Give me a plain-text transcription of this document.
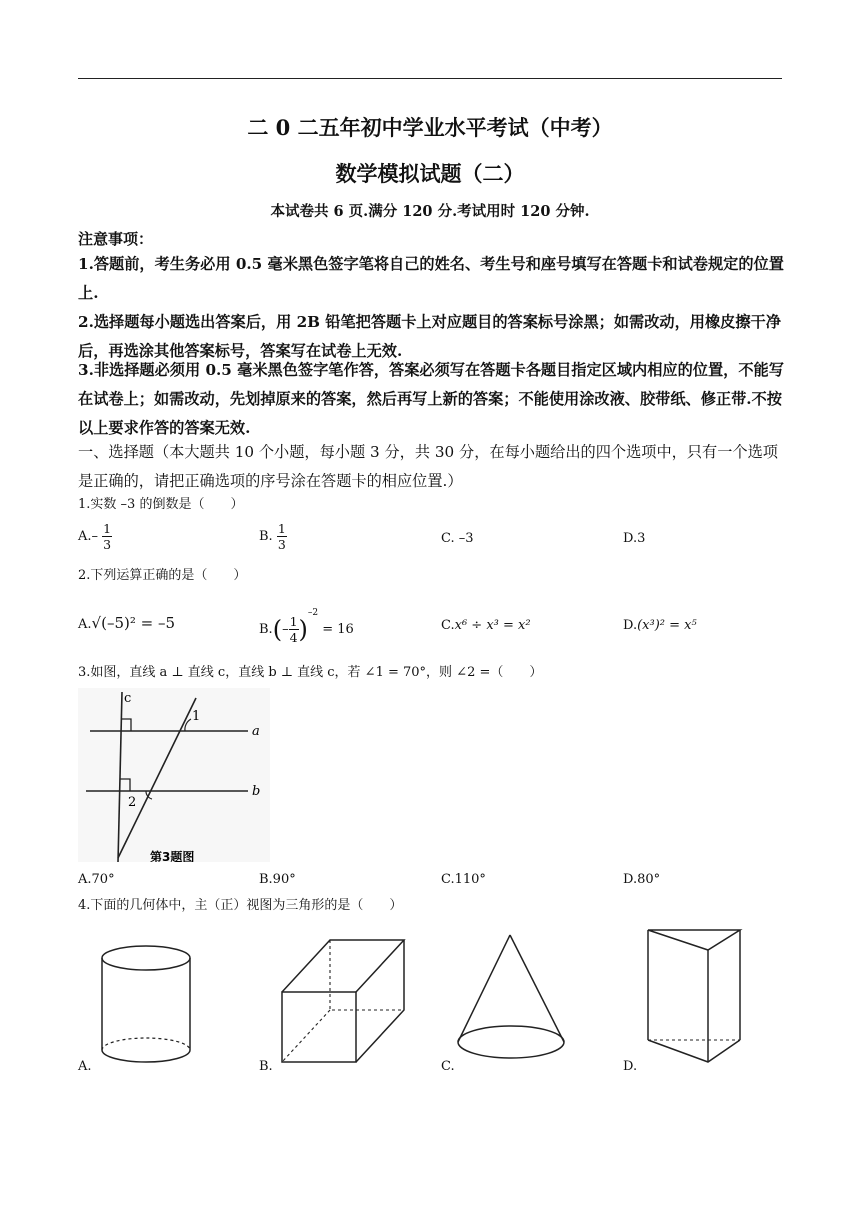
二 0 二五年初中学业水平考试（中考）
数学模拟试题（二）
本试卷共 6 页.满分 120 分.考试用时 120 分钟.
注意事项：
1.答题前，考生务必用 0.5 毫米黑色签字笔将自己的姓名、考生号和座号填写在答题卡和试卷规定的位置上.
2.选择题每小题选出答案后，用 2B 铅笔把答题卡上对应题目的答案标号涂黑；如需改动，用橡皮擦干净后，再选涂其他答案标号，答案写在试卷上无效.
3.非选择题必须用 0.5 毫米黑色签字笔作答，答案必须写在答题卡各题目指定区域内相应的位置，不能写在试卷上；如需改动，先划掉原来的答案，然后再写上新的答案；不能使用涂改液、胶带纸、修正带.不按以上要求作答的答案无效.
一、选择题（本大题共 10 个小题，每小题 3 分，共 30 分，在每小题给出的四个选项中，只有一个选项是正确的，请把正确选项的序号涂在答题卡的相应位置.）
1.实数 –3 的倒数是（　　）
$A.- \frac{1}{3}$	B. $\frac{1}{3}$	C. –3	D.3
2.下列运算正确的是（　　）
A.√(–5)² = –5	$B.(- \frac{1}{4} )^{-2} = 16$	C.x⁶ ÷ x³ = x²	D.(x³)² = x⁵
3.如图，直线 a ⊥ 直线 c，直线 b ⊥ 直线 c，若 ∠1 = 70°，则 ∠2 =（　　）
c
a
b
1
2
第3题图
A.70°	B.90°	C.110°	D.80°
4.下面的几何体中，主（正）视图为三角形的是（　　）
A.	B.	C.	D.
